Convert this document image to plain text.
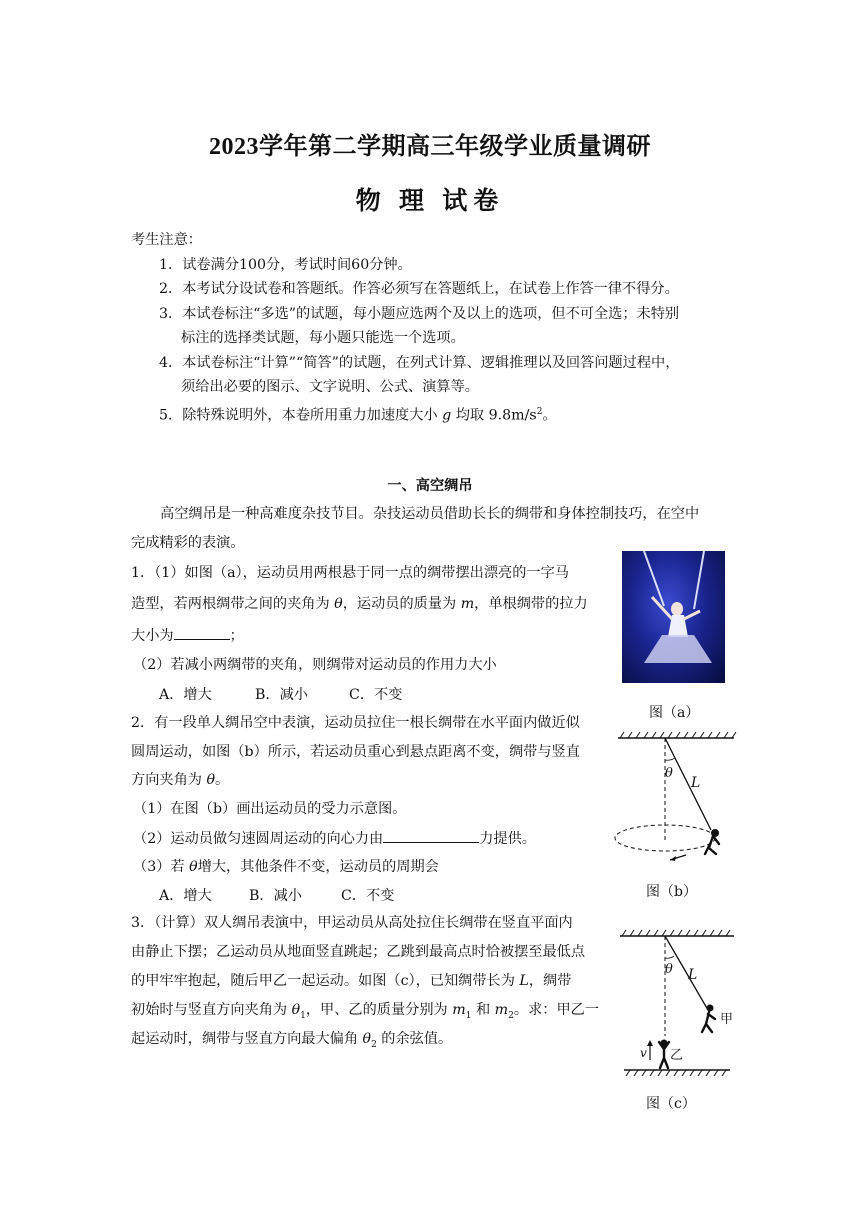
2023学年第二学期高三年级学业质量调研
物 理 试卷
考生注意：
1．试卷满分100分，考试时间60分钟。
2．本考试分设试卷和答题纸。作答必须写在答题纸上，在试卷上作答一律不得分。
3．本试卷标注“多选”的试题，每小题应选两个及以上的选项，但不可全选；未特别
标注的选择类试题，每小题只能选一个选项。
4．本试卷标注“计算”“简答”的试题，在列式计算、逻辑推理以及回答问题过程中，
须给出必要的图示、文字说明、公式、演算等。
5．除特殊说明外，本卷所用重力加速度大小 g 均取 $9.8m/s^2$。
一、高空绸吊
高空绸吊是一种高难度杂技节目。杂技运动员借助长长的绸带和身体控制技巧，在空中
完成精彩的表演。
1．（1）如图（a），运动员用两根悬于同一点的绸带摆出漂亮的一字马
造型，若两根绸带之间的夹角为 θ，运动员的质量为 m，单根绸带的拉力
大小为	；
（2）若减小两绸带的夹角，则绸带对运动员的作用力大小
A．增大	B．减小	C．不变
图（a）
2．有一段单人绸吊空中表演，运动员拉住一根长绸带在水平面内做近似
圆周运动，如图（b）所示，若运动员重心到悬点距离不变，绸带与竖直
方向夹角为 θ。
（1）在图（b）画出运动员的受力示意图。
（2）运动员做匀速圆周运动的向心力由	力提供。
（3）若 θ增大，其他条件不变，运动员的周期会
A．增大	B．减小	C．不变
θ
L
图（b）
3．（计算）双人绸吊表演中，甲运动员从高处拉住长绸带在竖直平面内
由静止下摆；乙运动员从地面竖直跳起；乙跳到最高点时恰被摆至最低点
的甲牢牢抱起，随后甲乙一起运动。如图（c），已知绸带长为 L，绸带
初始时与竖直方向夹角为 $\theta_1$，甲、乙的质量分别为 $m_1$ 和 $m_2$。求：甲乙一
起运动时，绸带与竖直方向最大偏角 $\theta_2$ 的余弦值。
θ L
甲
v 乙
图（c）
